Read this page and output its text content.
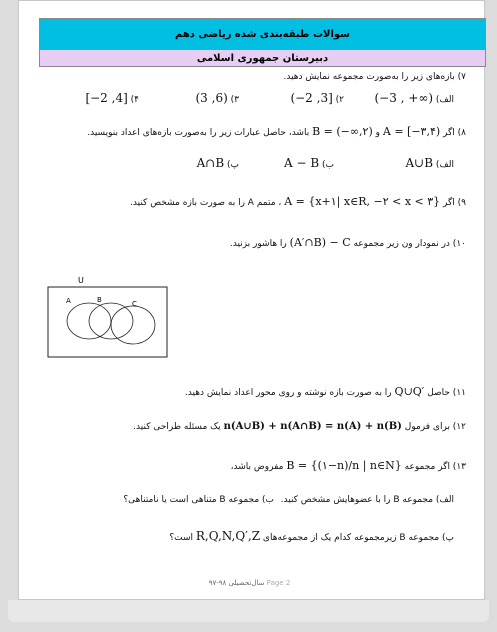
سوالات طبقه‌بندی شده ریاضی دهم
دبیرستان جمهوری اسلامی
۷) بازه‌های زیر را به‌صورت مجموعه نمایش دهید.
الف) (−3 , +∞)
۲) (−2 ,3]
۳) (3 ,6)
۴) [−2 ,4]
۸) اگر A = [−۳,۴) و B = (−∞,۲) باشد، حاصل عبارات زیر را به‌صورت بازه‌های اعداد بنویسید.
الف) A∪B
ب) A − B
پ) A∩B
۹) اگر A = {x+۱| x∈R, −۲ < x < ۳} ، متمم A را به صورت بازه مشخص کنید.
۱۰) در نمودار ون زیر مجموعه (A′∩B) − C را هاشور بزنید.
U
A	B	C
۱۱) حاصل Q∪Q′ را به صورت بازه نوشته و روی محور اعداد نمایش دهید.
۱۲) برای فرمول n(A∪B) + n(A∩B) = n(A) + n(B) یک مسئله طراحی کنید.
۱۳) اگر مجموعه B = {(۱−n)/n | n∈N} مفروض باشد،
الف) مجموعه B را با عضوهایش مشخص کنید.
ب) مجموعه B متناهی است یا نامتناهی؟
پ) مجموعه B زیرمجموعه کدام یک از مجموعه‌های R,Q,N,Q′,Z است؟
سال‌تحصیلی ۹۸-۹۷ Page 2
